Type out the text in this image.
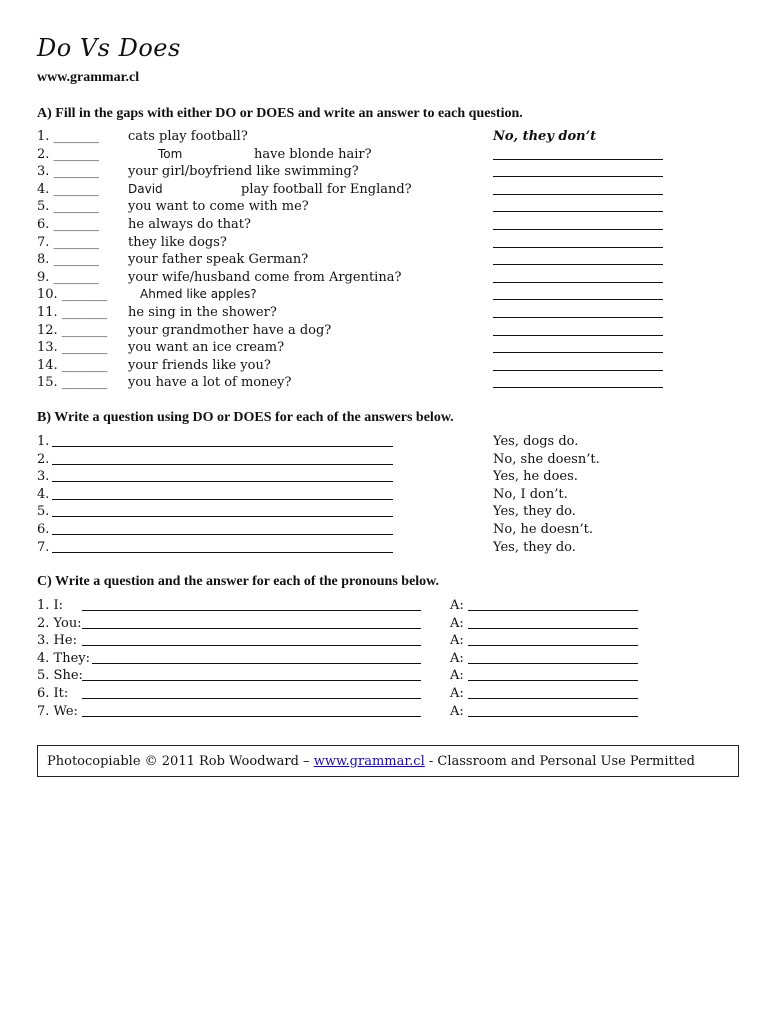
Do Vs Does
www.grammar.cl
A) Fill in the gaps with either DO or DOES and write an answer to each question.
1. _______ cats play football?	No, they don’t
2. _______	Tom	have blonde hair?
3. _______ your girl/boyfriend like swimming?
4. _______ David	play football for England?
5. _______ you want to come with me?
6. _______ he always do that?
7. _______ they like dogs?
8. _______ your father speak German?
9. _______ your wife/husband come from Argentina?
10. _______	Ahmed like apples?
11. _______ he sing in the shower?
12. _______ your grandmother have a dog?
13. _______ you want an ice cream?
14. _______ your friends like you?
15. _______ you have a lot of money?
B) Write a question using DO or DOES for each of the answers below.
1.	Yes, dogs do.
2.	No, she doesn’t.
3.	Yes, he does.
4.	No, I don’t.
5.	Yes, they do.
6.	No, he doesn’t.
7.	Yes, they do.
C) Write a question and the answer for each of the pronouns below.
1. I:	A:
2. You:	A:
3. He:	A:
4. They:	A:
5. She:	A:
6. It:	A:
7. We:	A:
Photocopiable © 2011 Rob Woodward –
www.grammar.cl
- Classroom and Personal Use Permitted
